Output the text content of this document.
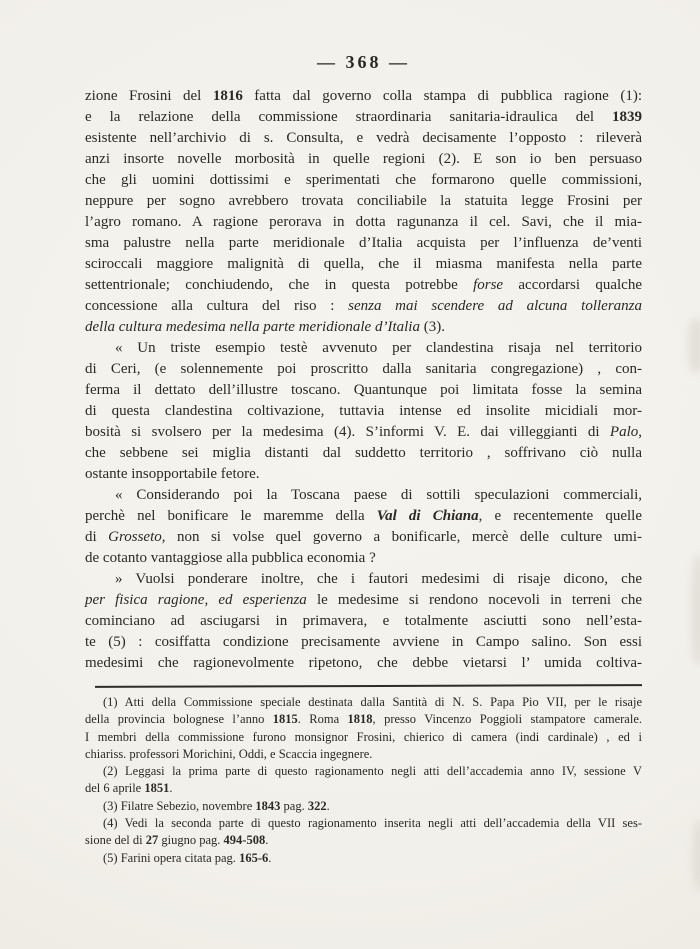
— 368 —
zione Frosini del 1816 fatta dal governo colla stampa di pubblica ragione (1):
e la relazione della commissione straordinaria sanitaria-idraulica del 1839
esistente nell’archivio di s. Consulta, e vedrà decisamente l’opposto : rileverà
anzi insorte novelle morbosità in quelle regioni (2). E son io ben persuaso
che gli uomini dottissimi e sperimentati che formarono quelle commissioni,
neppure per sogno avrebbero trovata conciliabile la statuita legge Frosini per
l’agro romano. A ragione perorava in dotta ragunanza il cel. Savi, che il mia-
sma palustre nella parte meridionale d’Italia acquista per l’influenza de’venti
sciroccali maggiore malignità di quella, che il miasma manifesta nella parte
settentrionale; conchiudendo, che in questa potrebbe forse accordarsi qualche
concessione alla cultura del riso : senza mai scendere ad alcuna tolleranza
della cultura medesima nella parte meridionale d’Italia (3).
« Un triste esempio testè avvenuto per clandestina risaja nel territorio
di Ceri, (e solennemente poi proscritto dalla sanitaria congregazione) , con-
ferma il dettato dell’illustre toscano. Quantunque poi limitata fosse la semina
di questa clandestina coltivazione, tuttavia intense ed insolite micidiali mor-
bosità si svolsero per la medesima (4). S’informi V. E. dai villeggianti di Palo,
che sebbene sei miglia distanti dal suddetto territorio , soffrivano ciò nulla
ostante insopportabile fetore.
« Considerando poi la Toscana paese di sottili speculazioni commerciali,
perchè nel bonificare le maremme della Val di Chiana, e recentemente quelle
di Grosseto, non si volse quel governo a bonificarle, mercè delle culture umi-
de cotanto vantaggiose alla pubblica economia ?
» Vuolsi ponderare inoltre, che i fautori medesimi di risaje dicono, che
per fisica ragione, ed esperienza le medesime si rendono nocevoli in terreni che
cominciano ad asciugarsi in primavera, e totalmente asciutti sono nell’esta-
te (5) : cosiffatta condizione precisamente avviene in Campo salino. Son essi
medesimi che ragionevolmente ripetono, che debbe vietarsi l’ umida coltiva-
(1) Atti della Commissione speciale destinata dalla Santità di N. S. Papa Pio VII, per le risaje
della provincia bolognese l’anno 1815. Roma 1818, presso Vincenzo Poggioli stampatore camerale.
I membri della commissione furono monsignor Frosini, chierico di camera (indi cardinale) , ed i
chiariss. professori Morichini, Oddi, e Scaccia ingegnere.
(2) Leggasi la prima parte di questo ragionamento negli atti dell’accademia anno IV, sessione V
del 6 aprile 1851.
(3) Filatre Sebezio, novembre 1843 pag. 322.
(4) Vedi la seconda parte di questo ragionamento inserita negli atti dell’accademia della VII ses-
sione del di 27 giugno pag. 494-508.
(5) Farini opera citata pag. 165-6.
